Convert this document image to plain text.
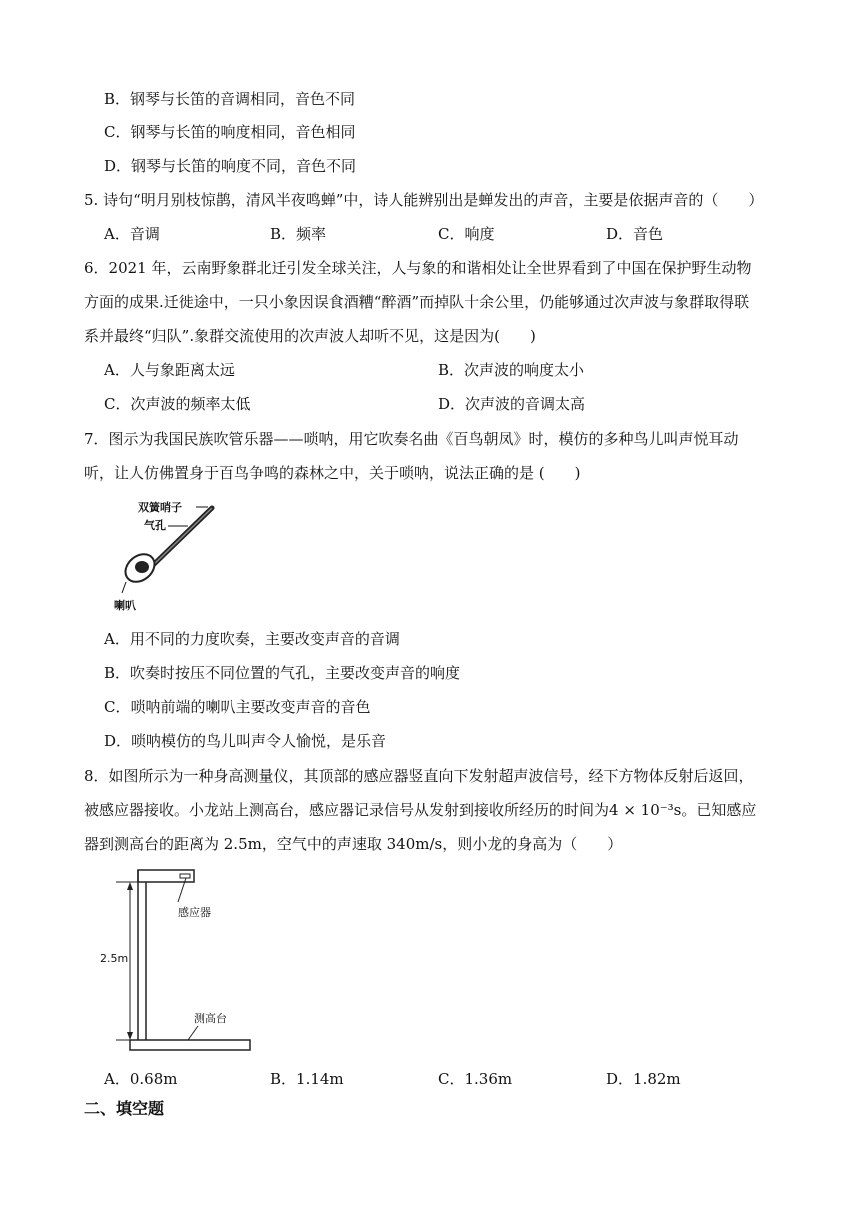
B．钢琴与长笛的音调相同，音色不同
C．钢琴与长笛的响度相同，音色相同
D．钢琴与长笛的响度不同，音色不同
5. 诗句“明月别枝惊鹊，清风半夜鸣蝉”中，诗人能辨别出是蝉发出的声音，主要是依据声音的（　　）
A．音调	B．频率	C．响度	D．音色
6．2021 年，云南野象群北迁引发全球关注，人与象的和谐相处让全世界看到了中国在保护野生动物
方面的成果.迁徙途中，一只小象因误食酒糟“醉酒”而掉队十余公里，仍能够通过次声波与象群取得联
系并最终“归队”.象群交流使用的次声波人却听不见，这是因为(　　)
A．人与象距离太远	B．次声波的响度太小
C．次声波的频率太低	D．次声波的音调太高
7．图示为我国民族吹管乐器——唢呐，用它吹奏名曲《百鸟朝凤》时，模仿的多种鸟儿叫声悦耳动
听，让人仿佛置身于百鸟争鸣的森林之中，关于唢呐，说法正确的是 (　　)
双簧哨子
气孔
喇叭
A．用不同的力度吹奏，主要改变声音的音调
B．吹奏时按压不同位置的气孔，主要改变声音的响度
C．唢呐前端的喇叭主要改变声音的音色
D．唢呐模仿的鸟儿叫声令人愉悦，是乐音
8．如图所示为一种身高测量仪，其顶部的感应器竖直向下发射超声波信号，经下方物体反射后返回，
被感应器接收。小龙站上测高台，感应器记录信号从发射到接收所经历的时间为4 × 10⁻³s。已知感应
器到测高台的距离为 2.5m，空气中的声速取 340m/s，则小龙的身高为（　　）
2.5m
感应器
测高台
A．0.68m	B．1.14m	C．1.36m	D．1.82m
二、填空题
